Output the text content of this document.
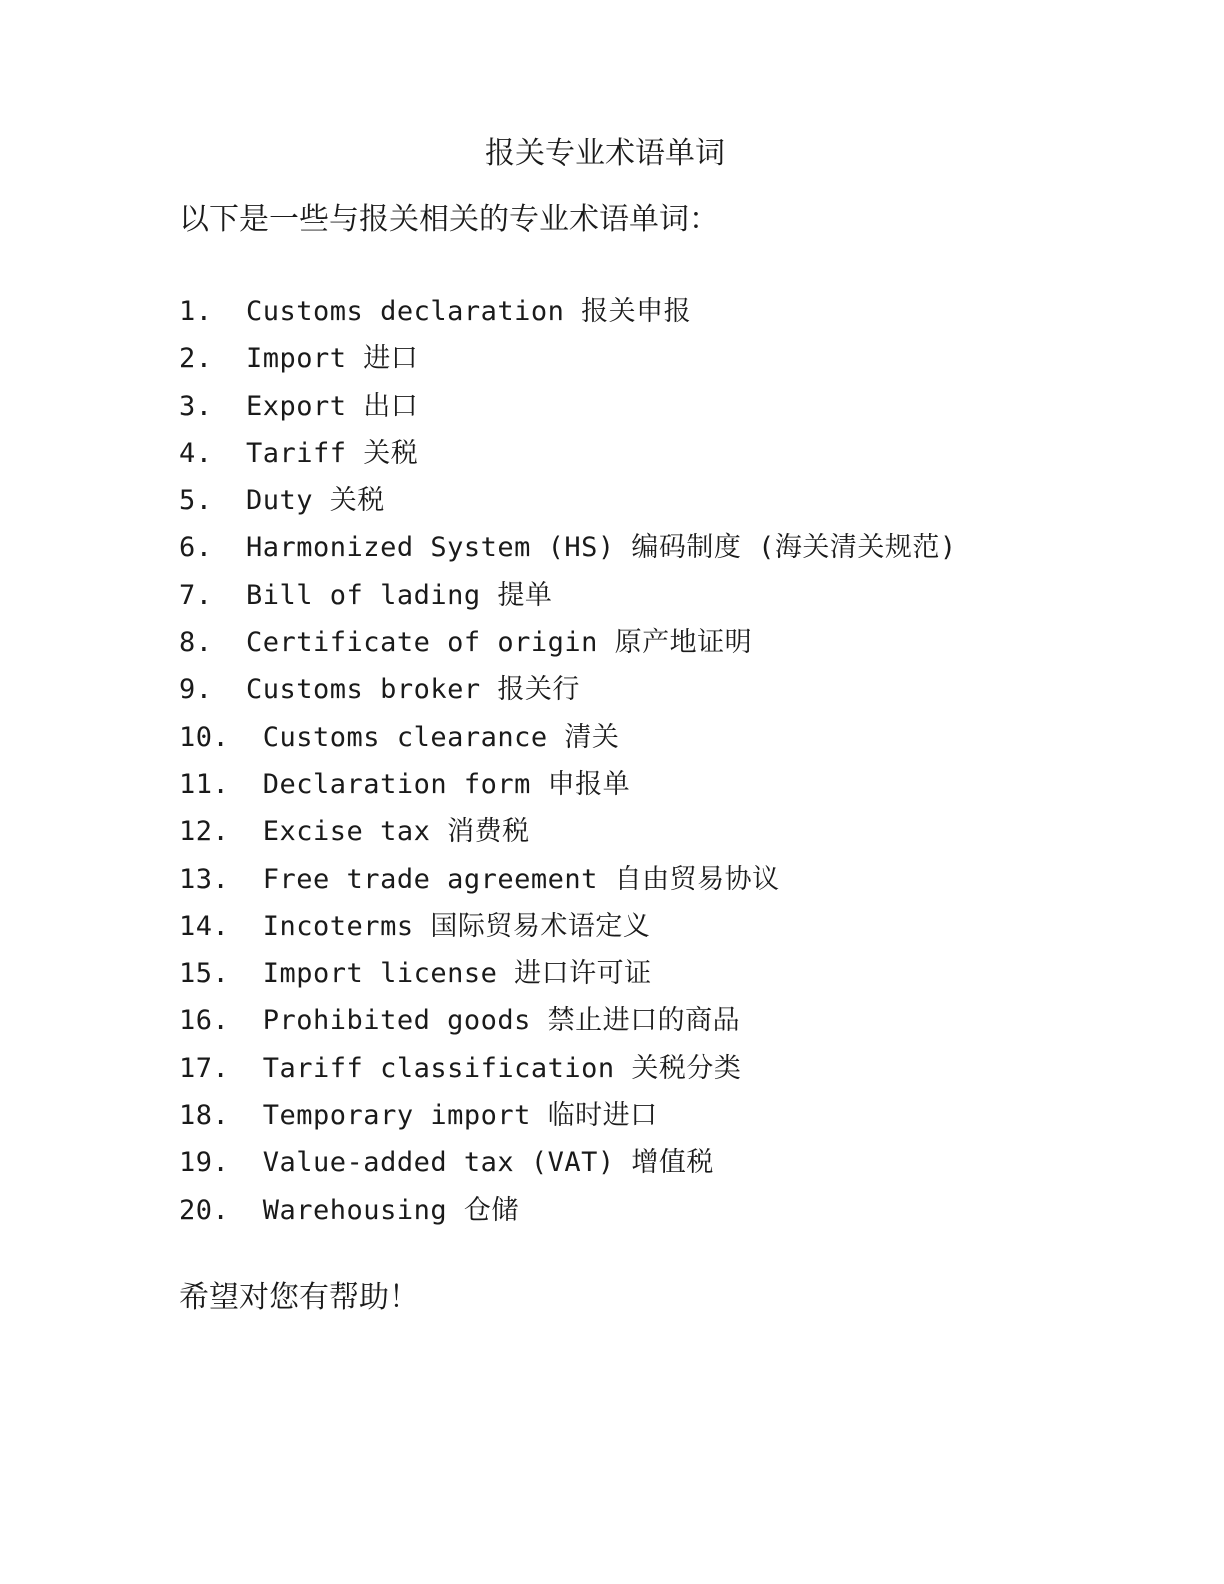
报关专业术语单词
以下是一些与报关相关的专业术语单词：
1.  Customs declaration 报关申报
2.  Import 进口
3.  Export 出口
4.  Tariff 关税
5.  Duty 关税
6.  Harmonized System (HS) 编码制度 (海关清关规范)
7.  Bill of lading 提单
8.  Certificate of origin 原产地证明
9.  Customs broker 报关行
10.  Customs clearance 清关
11.  Declaration form 申报单
12.  Excise tax 消费税
13.  Free trade agreement 自由贸易协议
14.  Incoterms 国际贸易术语定义
15.  Import license 进口许可证
16.  Prohibited goods 禁止进口的商品
17.  Tariff classification 关税分类
18.  Temporary import 临时进口
19.  Value-added tax (VAT) 增值税
20.  Warehousing 仓储
希望对您有帮助！
